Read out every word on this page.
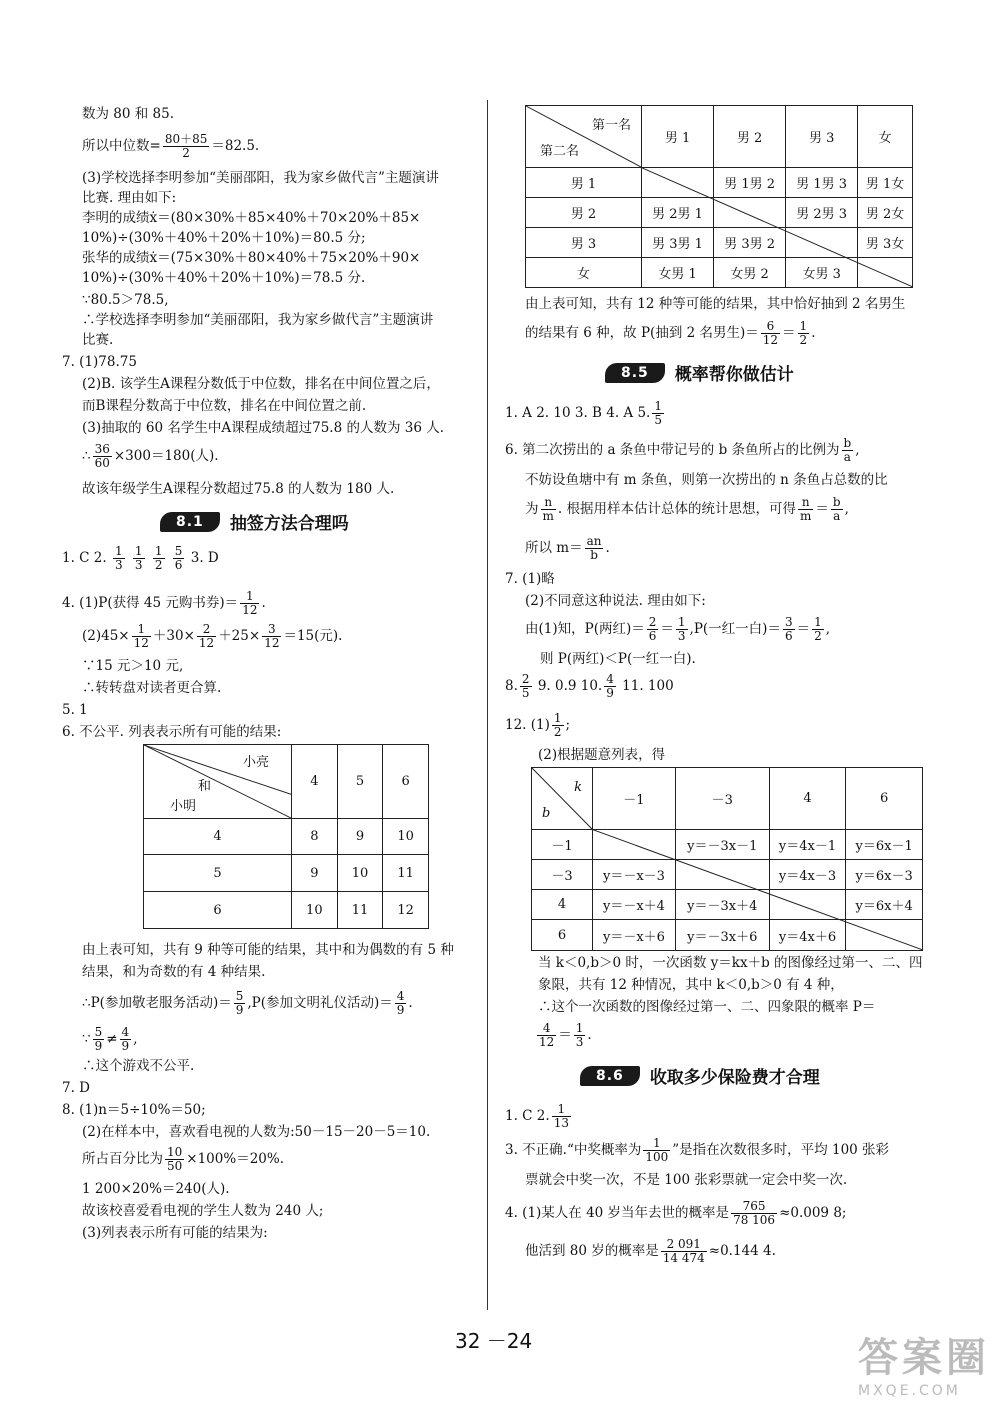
数为 80 和 85.
所以中位数= $\frac{80+85}{2} =82.5$.
(3)学校选择李明参加“美丽邵阳，我为家乡做代言”主题演讲
比赛. 理由如下:
李明的成绩ẋ＝(80×30%＋85×40%＋70×20%＋85×
10%)÷(30%＋40%＋20%＋10%)＝80.5 分;
张华的成绩ẋ＝(75×30%＋80×40%＋75×20%＋90×
10%)÷(30%＋40%＋20%＋10%)＝78.5 分.
∵80.5＞78.5,
∴学校选择李明参加“美丽邵阳，我为家乡做代言”主题演讲
比赛.
7. (1)78.75
(2)B. 该学生A课程分数低于中位数，排名在中间位置之后，
而B课程分数高于中位数，排名在中间位置之前.
(3)抽取的 60 名学生中A课程成绩超过75.8 的人数为 36 人.
∴ $\frac{36}{60} \times 300=180$(人).
故该年级学生A课程分数超过75.8 的人数为 180 人.
8.1	抽签方法合理吗
1. C 2. $\frac{1}{3}$
$\frac{1}{3}$
$\frac{1}{2}$
$\frac{5}{6} 3$. D
4. (1)P(获得 45 元购书券)＝ $\frac{1}{12}$ .
$(2)45\times \frac{1}{12} +30\times \frac{2}{12} +25\times \frac{3}{12} =15$(元).
∵15 元＞10 元,
∴转转盘对读者更合算.
5. 1
6. 不公平. 列表表示所有可能的结果:
小亮
和
小明	4	5	6
4	8	9	10
5	9	10	11
6	10	11	12
由上表可知，共有 9 种等可能的结果，其中和为偶数的有 5 种
结果，和为奇数的有 4 种结果.
∴P(参加敬老服务活动)＝ $\frac{5}{9} ,P$(参加文明礼仪活动)＝ $\frac{4}{9}$ .
∵ $\frac{5}{9} \ne \frac{4}{9}$ ,
∴这个游戏不公平.
7. D
8. (1)n＝5÷10%＝50;
(2)在样本中，喜欢看电视的人数为:50－15－20－5＝10.
所占百分比为 $\frac{10}{50} \times 100\%=20\%$.
1 200×20%＝240(人).
故该校喜爱看电视的学生人数为 240 人;
(3)列表表示所有可能的结果为:
第一名
第二名	男 1	男 2	男 3	女
男 1		男 1男 2	男 1男 3	男 1女
男 2	男 2男 1		男 2男 3	男 2女
男 3	男 3男 1	男 3男 2		男 3女
女	女男 1	女男 2	女男 3	
由上表可知，共有 12 种等可能的结果，其中恰好抽到 2 名男生
的结果有 6 种，故 P(抽到 2 名男生)＝ $\frac{6}{12} = \frac{1}{2}$ .
8.5	概率帮你做估计
1. A 2. 10 3. B 4. A 5. $\frac{1}{5}$
6. 第二次捞出的 a 条鱼中带记号的 b 条鱼所占的比例为 $\frac{b}{a}$ ,
不妨设鱼塘中有 m 条鱼，则第一次捞出的 n 条鱼占总数的比
为 $\frac{n}{m}$ . 根据用样本估计总体的统计思想，可得 $\frac{n}{m} = \frac{b}{a}$ ,
所以 $m= \frac{an}{b}$ .
7. (1)略
(2)不同意这种说法. 理由如下:
由(1)知，P(两红)＝ $\frac{2}{6} = \frac{1}{3} ,P$(一红一白)＝ $\frac{3}{6} = \frac{1}{2}$ ,
则 P(两红)＜P(一红一白).
8. $\frac{2}{5} 9$. 0.9 10. $\frac{4}{9} 11$. 100
12. $(1) \frac{1}{2}$ ;
(2)根据题意列表，得
k
b	－1	－3	4	6
－1		y＝－3x－1	y＝4x－1	y＝6x－1
－3	y＝－x－3		y＝4x－3	y＝6x－3
4	y＝－x＋4	y＝－3x＋4		y＝6x＋4
6	y＝－x＋6	y＝－3x＋6	y＝4x＋6	
当 k＜0,b＞0 时，一次函数 y＝kx＋b 的图像经过第一、二、四
象限，共有 12 种情况，其中 k＜0,b＞0 有 4 种，
∴这个一次函数的图像经过第一、二、四象限的概率 P＝
$\frac{4}{12} = \frac{1}{3}$ .
8.6	收取多少保险费才合理
1. C 2. $\frac{1}{13}$
3. 不正确.“中奖概率为 $\frac{1}{100}$ ”是指在次数很多时，平均 100 张彩
票就会中奖一次，不是 100 张彩票就一定会中奖一次.
4. (1)某人在 40 岁当年去世的概率是 $\frac{765}{78 106} \approx 0.009$ 8;
他活到 80 岁的概率是 $\frac{2 091}{14 474} \approx 0.144$ 4.
32 －24	答案圈
MXQE.COM
